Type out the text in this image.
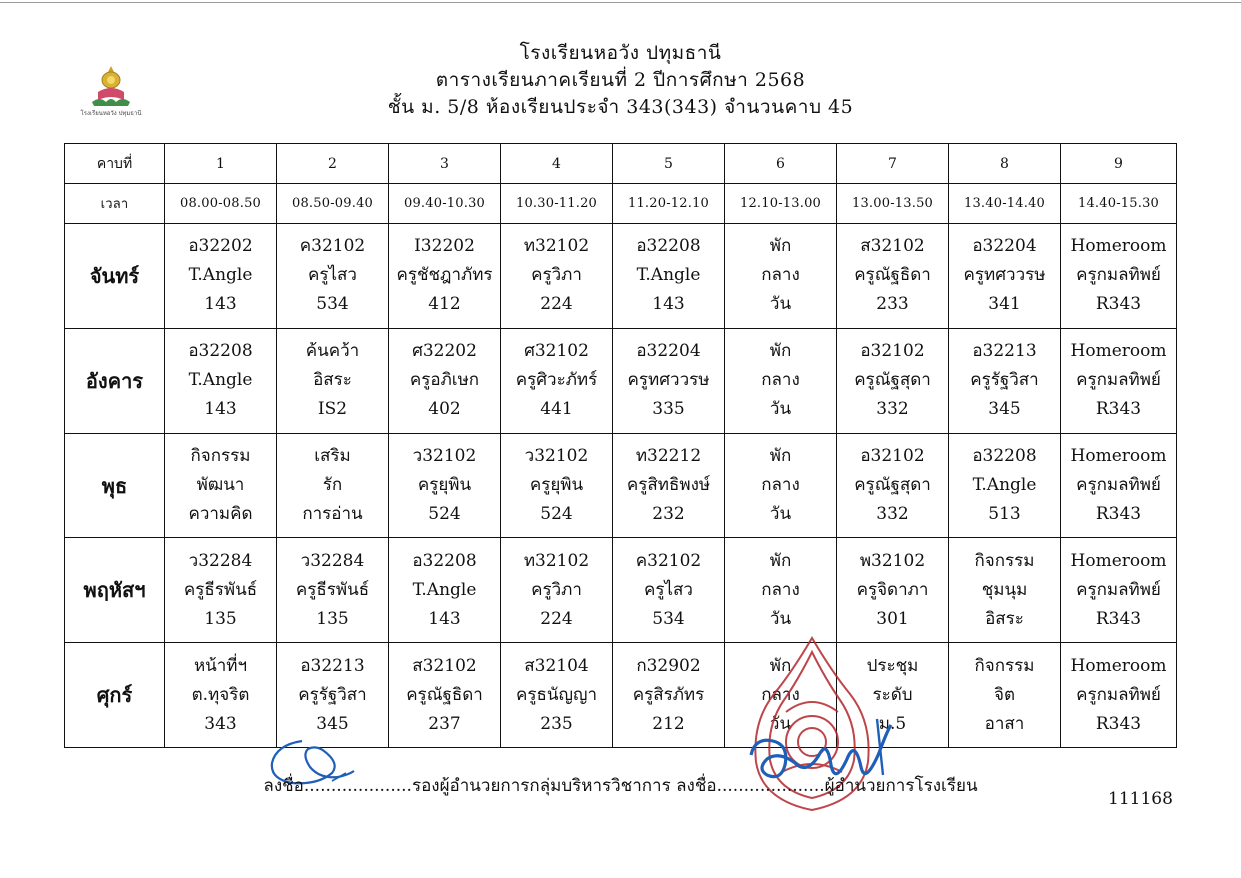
โรงเรียนหอวัง ปทุมธานี
โรงเรียนหอวัง ปทุมธานี
ตารางเรียนภาคเรียนที่ 2 ปีการศึกษา 2568
ชั้น ม. 5/8 ห้องเรียนประจำ 343(343) จำนวนคาบ 45
คาบที่	1	2	3	4	5	6	7	8	9
เวลา	08.00-08.50	08.50-09.40	09.40-10.30	10.30-11.20	11.20-12.10	12.10-13.00	13.00-13.50	13.40-14.40	14.40-15.30
จันทร์	อ32202
T.Angle
143	ค32102
ครูไสว
534	I32202
ครูชัชฎาภัทร
412	ท32102
ครูวิภา
224	อ32208
T.Angle
143	พัก
กลาง
วัน	ส32102
ครูณัฐธิดา
233	อ32204
ครูทศววรษ
341	Homeroom
ครูกมลทิพย์
R343

อังคาร	อ32208
T.Angle
143	ค้นคว้า
อิสระ
IS2	ศ32202
ครูอภิเษก
402	ศ32102
ครูศิวะภัทร์
441	อ32204
ครูทศววรษ
335	พัก
กลาง
วัน	อ32102
ครูณัฐสุดา
332	อ32213
ครูรัฐวิสา
345	Homeroom
ครูกมลทิพย์
R343

พุธ	กิจกรรม
พัฒนา
ความคิด	เสริม
รัก
การอ่าน	ว32102
ครูยุพิน
524	ว32102
ครูยุพิน
524	ท32212
ครูสิทธิพงษ์
232	พัก
กลาง
วัน	อ32102
ครูณัฐสุดา
332	อ32208
T.Angle
513	Homeroom
ครูกมลทิพย์
R343

พฤหัสฯ	ว32284
ครูธีรพันธ์
135	ว32284
ครูธีรพันธ์
135	อ32208
T.Angle
143	ท32102
ครูวิภา
224	ค32102
ครูไสว
534	พัก
กลาง
วัน	พ32102
ครูจิดาภา
301	กิจกรรม
ชุมนุม
อิสระ	Homeroom
ครูกมลทิพย์
R343

ศุกร์	หน้าที่ฯ
ต.ทุจริต
343	อ32213
ครูรัฐวิสา
345	ส32102
ครูณัฐธิดา
237	ส32104
ครูธนัญญา
235	ก32902
ครูสิรภัทร
212	พัก
กลาง
วัน	ประชุม
ระดับ
ม.5	กิจกรรม
จิต
อาสา	Homeroom
ครูกมลทิพย์
R343
ลงชื่อ....................รองผู้อำนวยการกลุ่มบริหารวิชาการ ลงชื่อ....................ผู้อำนวยการโรงเรียน
111168
